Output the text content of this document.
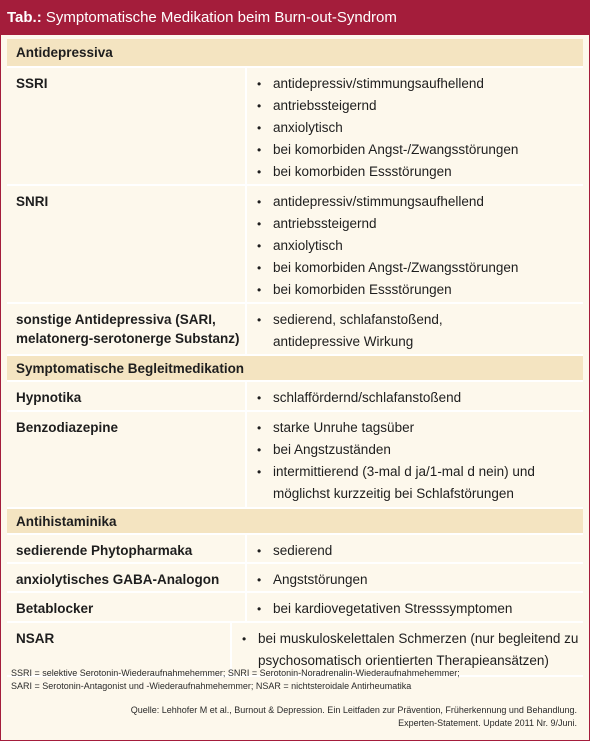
Tab.: Symptomatische Medikation beim Burn-out-Syndrom
Antidepressiva
SSRI	• antidepressiv/stimmungsaufhellend
• antriebssteigernd
• anxiolytisch
• bei komorbiden Angst-/Zwangsstörungen
• bei komorbiden Essstörungen
SNRI	• antidepressiv/stimmungsaufhellend
• antriebssteigernd
• anxiolytisch
• bei komorbiden Angst-/Zwangsstörungen
• bei komorbiden Essstörungen
sonstige Antidepressiva (SARI, melatonerg-serotonerge Substanz)
• sedierend, schlafanstoßend, antidepressive Wirkung
Symptomatische Begleitmedikation
Hypnotika	• schlaffördernd/schlafanstoßend
Benzodiazepine	• starke Unruhe tagsüber
• bei Angstzuständen
• intermittierend (3-mal d ja/1-mal d nein) und möglichst kurzzeitig bei Schlafstörungen
Antihistaminika
sedierende Phytopharmaka	• sedierend
anxiolytisches GABA-Analogon	• Angststörungen
Betablocker	• bei kardiovegetativen Stresssymptomen
NSAR	• bei muskuloskelettalen Schmerzen (nur begleitend zu psychosomatisch orientierten Therapieansätzen)
SSRI = selektive Serotonin-Wiederaufnahmehemmer; SNRI = Serotonin-Noradrenalin-Wiederaufnahmehemmer;
SARI = Serotonin-Antagonist und -Wiederaufnahmehemmer; NSAR = nichtsteroidale Antirheumatika
Quelle: Lehhofer M et al., Burnout & Depression. Ein Leitfaden zur Prävention, Früherkennung und Behandlung.
Experten-Statement. Update 2011 Nr. 9/Juni.
